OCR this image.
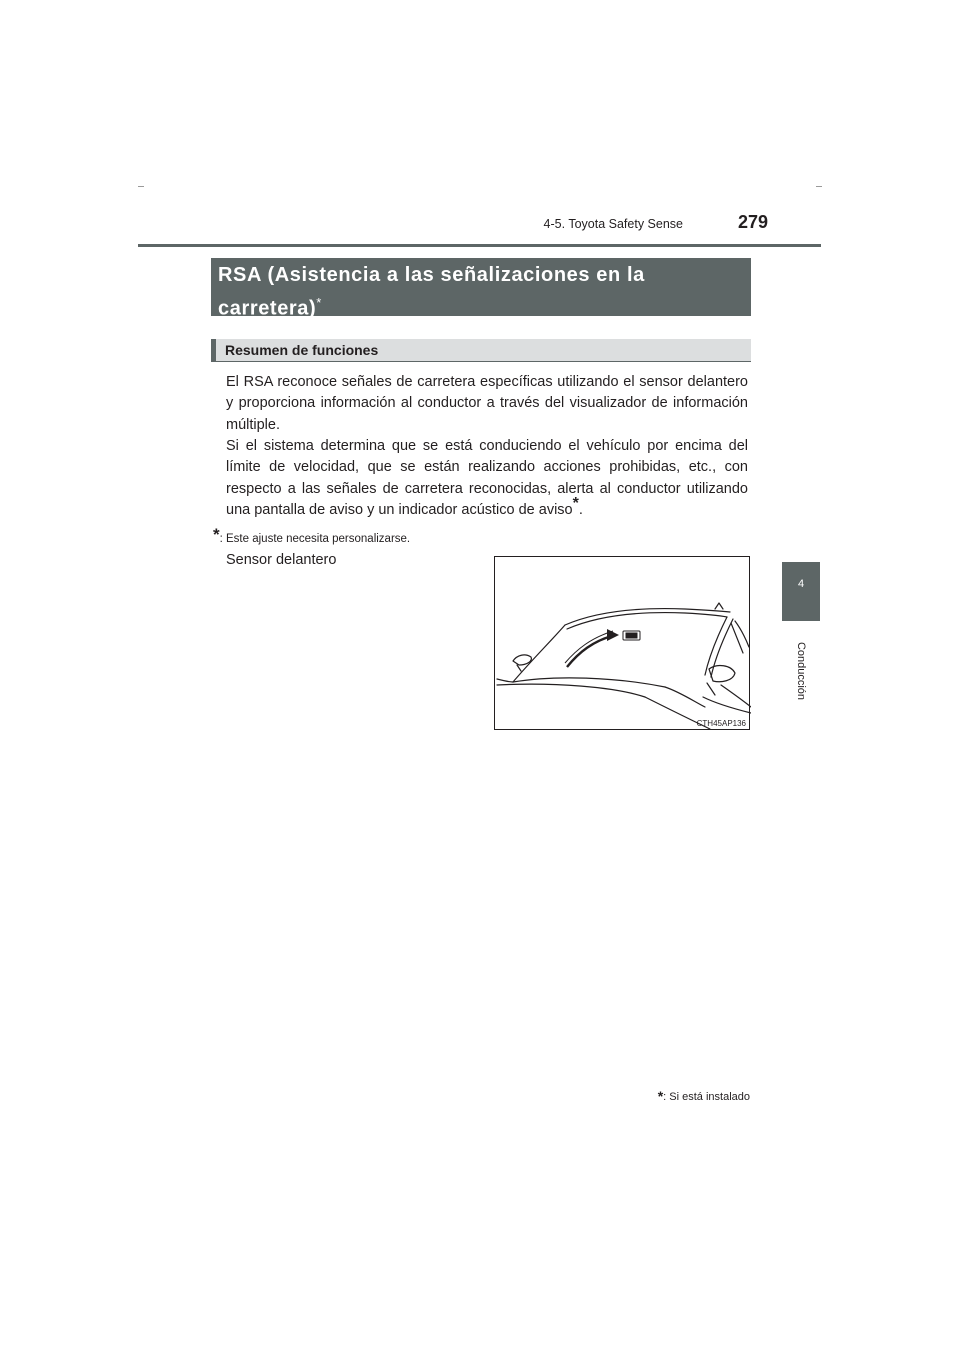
4-5. Toyota Safety Sense	279
4
Conducción
RSA (Asistencia a las señalizaciones en la
carretera)*
Resumen de funciones

El RSA reconoce señales de carretera específicas utilizando el sensor delantero y proporciona información al conductor a través del visualizador de información múltiple.

Si el sistema determina que se está conduciendo el vehículo por encima del límite de velocidad, que se están realizando acciones prohibidas, etc., con respecto a las señales de carretera reconocidas, alerta al conductor utilizando una pantalla de aviso y un indicador acústico de aviso*.

*: Este ajuste necesita personalizarse.
Sensor delantero
CTH45AP136
*: Si está instalado
